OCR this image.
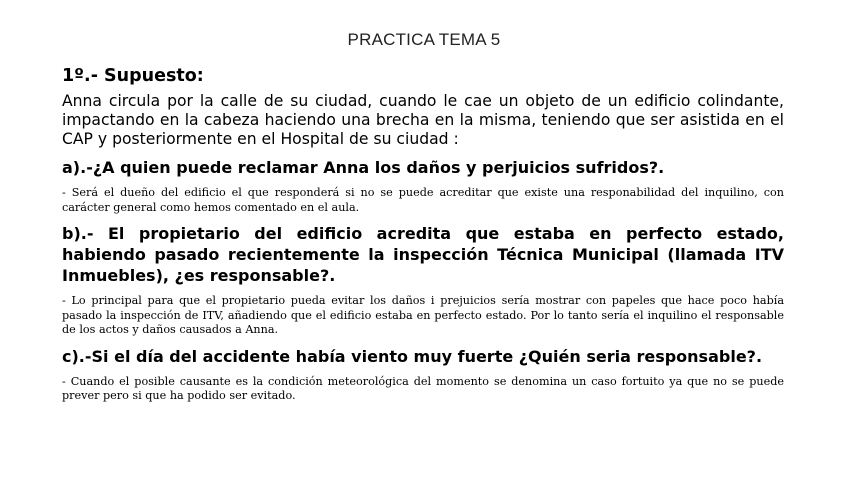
PRACTICA TEMA 5

1º.- Supuesto:

Anna circula por la calle de su ciudad, cuando le cae un objeto de un edificio colindante, impactando en la cabeza haciendo una brecha en la misma, teniendo que ser asistida en el CAP y posteriormente en el Hospital de su ciudad :

a).-¿A quien puede reclamar Anna los daños y perjuicios sufridos?.

- Será el dueño del edificio el que responderá si no se puede acreditar que existe una responabilidad del inquilino, con carácter general como hemos comentado en el aula.

b).- El propietario del edificio acredita que estaba en perfecto estado, habiendo pasado recientemente la inspección Técnica Municipal (llamada ITV Inmuebles), ¿es responsable?.

- Lo principal para que el propietario pueda evitar los daños i prejuicios sería mostrar con papeles que hace poco había pasado la inspección de ITV, añadiendo que el edificio estaba en perfecto estado. Por lo tanto sería el inquilino el responsable de los actos y daños causados a Anna.

c).-Si el día del accidente había viento muy fuerte ¿Quién seria responsable?.

- Cuando el posible causante es la condición meteorológica del momento se denomina un caso fortuito ya que no se puede prever pero si que ha podido ser evitado.
